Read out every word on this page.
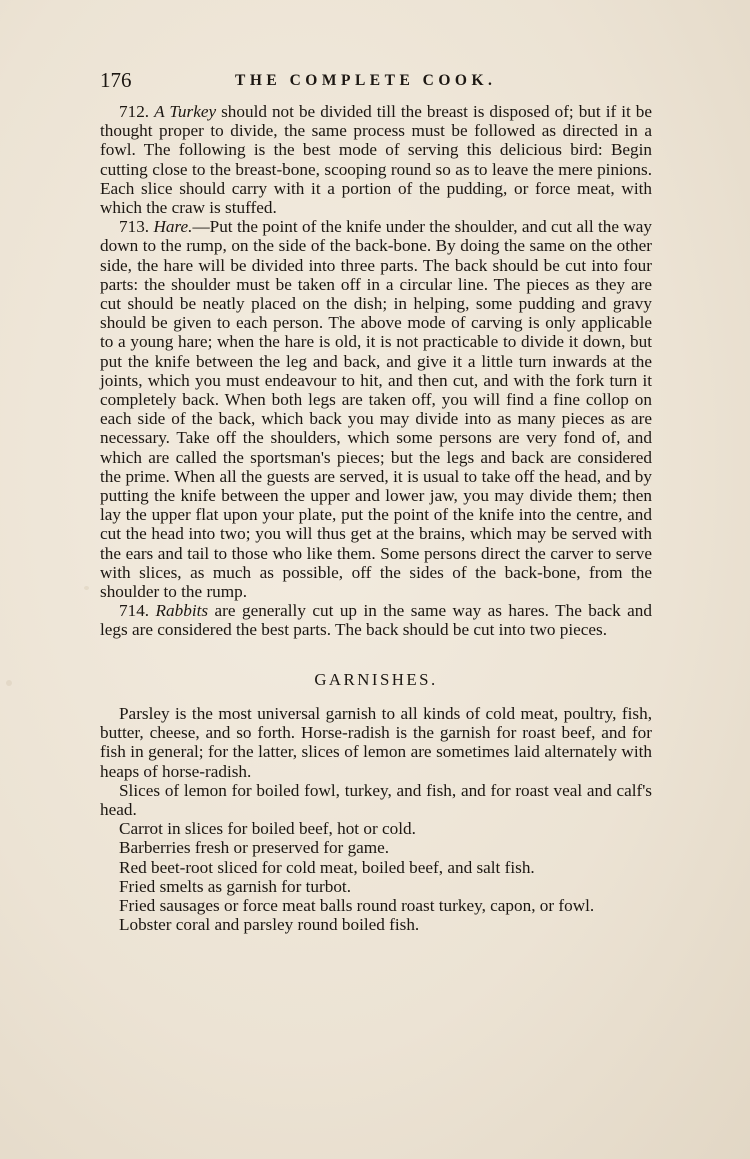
176	THE COMPLETE COOK.

712. A Turkey should not be divided till the breast is disposed of; but if it be thought proper to divide, the same process must be followed as directed in a fowl. The following is the best mode of serving this delicious bird: Begin cutting close to the breast-bone, scooping round so as to leave the mere pinions. Each slice should carry with it a portion of the pudding, or force meat, with which the craw is stuffed.

713. Hare.—Put the point of the knife under the shoulder, and cut all the way down to the rump, on the side of the back-bone. By doing the same on the other side, the hare will be divided into three parts. The back should be cut into four parts: the shoulder must be taken off in a circular line. The pieces as they are cut should be neatly placed on the dish; in helping, some pudding and gravy should be given to each person. The above mode of carving is only applicable to a young hare; when the hare is old, it is not practicable to divide it down, but put the knife between the leg and back, and give it a little turn inwards at the joints, which you must endeavour to hit, and then cut, and with the fork turn it completely back. When both legs are taken off, you will find a fine collop on each side of the back, which back you may divide into as many pieces as are necessary. Take off the shoulders, which some persons are very fond of, and which are called the sportsman's pieces; but the legs and back are considered the prime. When all the guests are served, it is usual to take off the head, and by putting the knife between the upper and lower jaw, you may divide them; then lay the upper flat upon your plate, put the point of the knife into the centre, and cut the head into two; you will thus get at the brains, which may be served with the ears and tail to those who like them. Some persons direct the carver to serve with slices, as much as possible, off the sides of the back-bone, from the shoulder to the rump.

714. Rabbits are generally cut up in the same way as hares. The back and legs are considered the best parts. The back should be cut into two pieces.

GARNISHES.

Parsley is the most universal garnish to all kinds of cold meat, poultry, fish, butter, cheese, and so forth. Horse-radish is the garnish for roast beef, and for fish in general; for the latter, slices of lemon are sometimes laid alternately with heaps of horse-radish.

Slices of lemon for boiled fowl, turkey, and fish, and for roast veal and calf's head.

Carrot in slices for boiled beef, hot or cold.

Barberries fresh or preserved for game.

Red beet-root sliced for cold meat, boiled beef, and salt fish.

Fried smelts as garnish for turbot.

Fried sausages or force meat balls round roast turkey, capon, or fowl.

Lobster coral and parsley round boiled fish.
